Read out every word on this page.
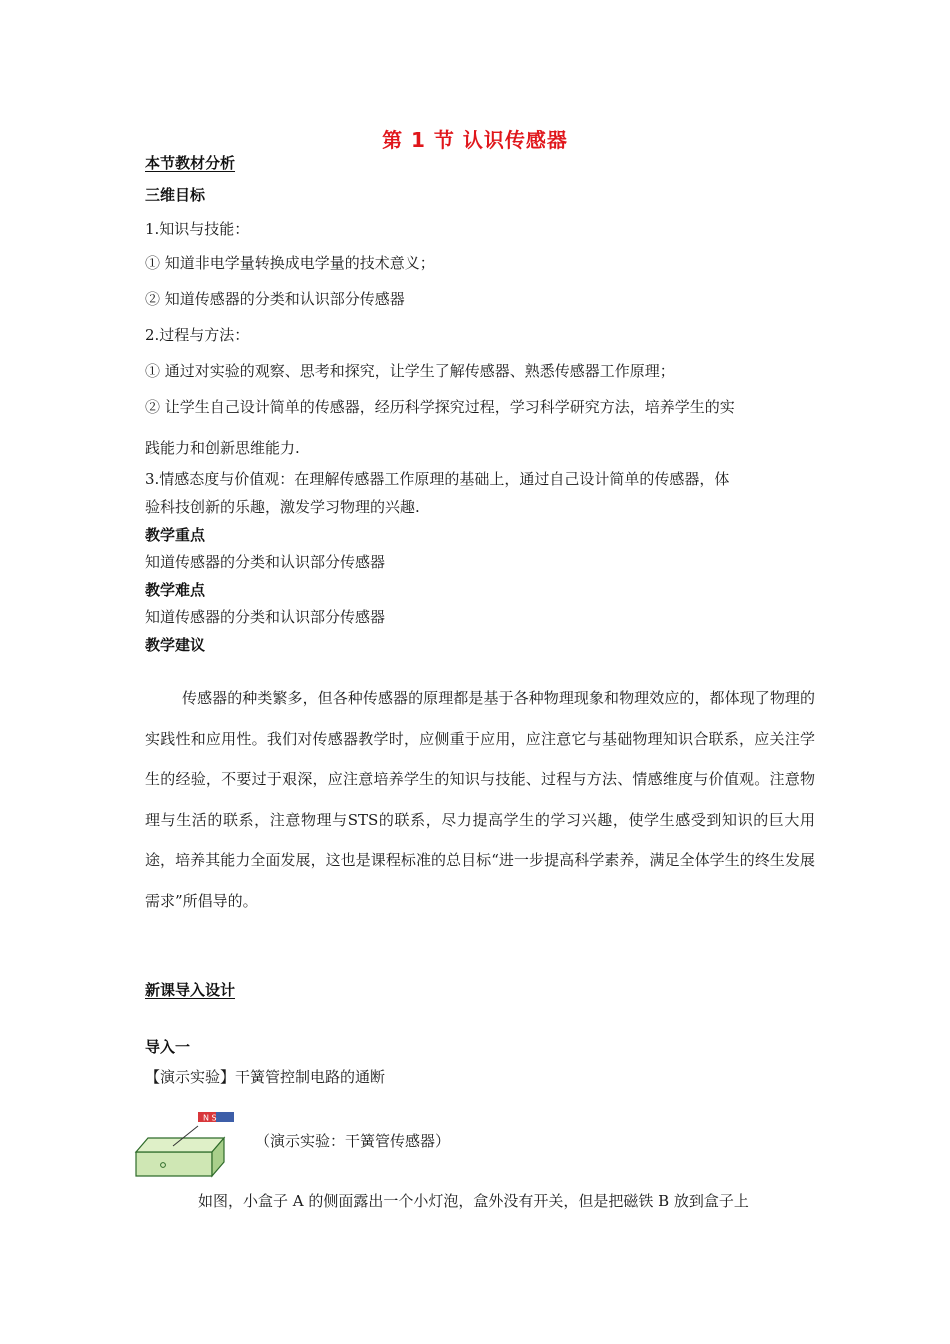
第 1 节 认识传感器
本节教材分析
三维目标
1.知识与技能：
① 知道非电学量转换成电学量的技术意义；
② 知道传感器的分类和认识部分传感器
2.过程与方法：
① 通过对实验的观察、思考和探究，让学生了解传感器、熟悉传感器工作原理；
② 让学生自己设计简单的传感器，经历科学探究过程，学习科学研究方法，培养学生的实
践能力和创新思维能力.
3.情感态度与价值观：在理解传感器工作原理的基础上，通过自己设计简单的传感器，体
验科技创新的乐趣，激发学习物理的兴趣.
教学重点
知道传感器的分类和认识部分传感器
教学难点
知道传感器的分类和认识部分传感器
教学建议
传感器的种类繁多，但各种传感器的原理都是基于各种物理现象和物理效应的，都体现了物理的实践性和应用性。我们对传感器教学时，应侧重于应用，应注意它与基础物理知识合联系，应关注学生的经验，不要过于艰深，应注意培养学生的知识与技能、过程与方法、情感维度与价值观。注意物理与生活的联系，注意物理与STS的联系，尽力提高学生的学习兴趣，使学生感受到知识的巨大用途，培养其能力全面发展，这也是课程标准的总目标“进一步提高科学素养，满足全体学生的终生发展需求”所倡导的。
新课导入设计
导入一
【演示实验】干簧管控制电路的通断
N S
（演示实验：干簧管传感器）
如图，小盒子 A 的侧面露出一个小灯泡，盒外没有开关，但是把磁铁 B 放到盒子上
